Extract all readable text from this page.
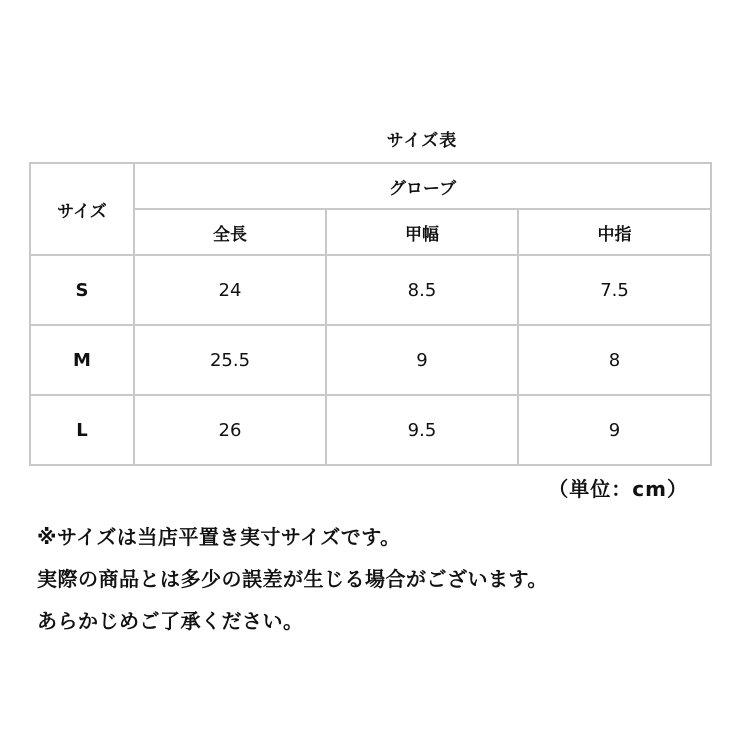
サイズ表
サイズ	グローブ		
	全長	甲幅	中指
S	24	8.5	7.5
M	25.5	9	8
L	26	9.5	9
（単位：cm）
※サイズは当店平置き実寸サイズです。
実際の商品とは多少の誤差が生じる場合がございます。
あらかじめご了承ください。
